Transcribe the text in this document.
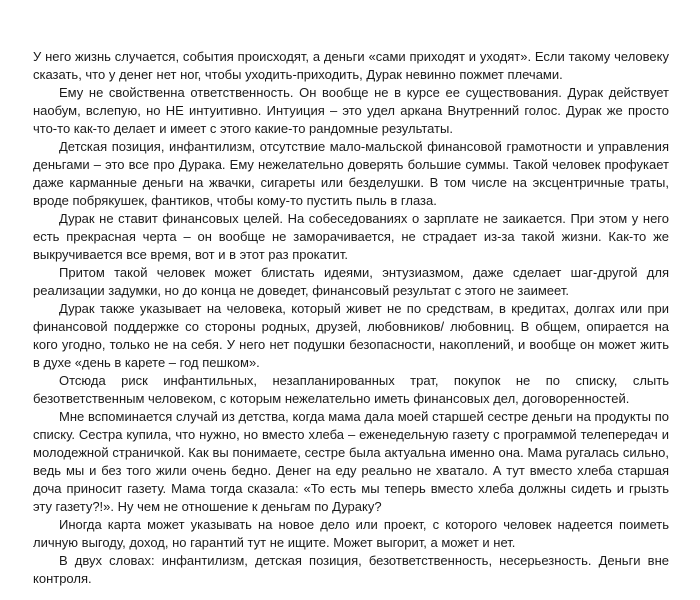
У него жизнь случается, события происходят, а деньги «сами приходят и уходят». Если такому человеку сказать, что у денег нет ног, чтобы уходить-приходить, Дурак невинно пожмет плечами.

Ему не свойственна ответственность. Он вообще не в курсе ее существования. Дурак действует наобум, вслепую, но НЕ интуитивно. Интуиция – это удел аркана Внутренний голос. Дурак же просто что-то как-то делает и имеет с этого какие-то рандомные результаты.

Детская позиция, инфантилизм, отсутствие мало-мальской финансовой грамотности и управления деньгами – это все про Дурака. Ему нежелательно доверять большие суммы. Такой человек профукает даже карманные деньги на жвачки, сигареты или безделушки. В том числе на эксцентричные траты, вроде побрякушек, фантиков, чтобы кому-то пустить пыль в глаза.

Дурак не ставит финансовых целей. На собеседованиях о зарплате не заикается. При этом у него есть прекрасная черта – он вообще не заморачивается, не страдает из-за такой жизни. Как-то же выкручивается все время, вот и в этот раз прокатит.

Притом такой человек может блистать идеями, энтузиазмом, даже сделает шаг-другой для реализации задумки, но до конца не доведет, финансовый результат с этого не заимеет.

Дурак также указывает на человека, который живет не по средствам, в кредитах, долгах или при финансовой поддержке со стороны родных, друзей, любовников/ любовниц. В общем, опирается на кого угодно, только не на себя. У него нет подушки безопасности, накоплений, и вообще он может жить в духе «день в карете – год пешком».

Отсюда риск инфантильных, незапланированных трат, покупок не по списку, слыть безответственным человеком, с которым нежелательно иметь финансовых дел, договоренностей.

Мне вспоминается случай из детства, когда мама дала моей старшей сестре деньги на продукты по списку. Сестра купила, что нужно, но вместо хлеба – еженедельную газету с программой телепередач и молодежной страничкой. Как вы понимаете, сестре была актуальна именно она. Мама ругалась сильно, ведь мы и без того жили очень бедно. Денег на еду реально не хватало. А тут вместо хлеба старшая доча приносит газету. Мама тогда сказала: «То есть мы теперь вместо хлеба должны сидеть и грызть эту газету?!». Ну чем не отношение к деньгам по Дураку?

Иногда карта может указывать на новое дело или проект, с которого человек надеется поиметь личную выгоду, доход, но гарантий тут не ищите. Может выгорит, а может и нет.

В двух словах: инфантилизм, детская позиция, безответственность, несерьезность. Деньги вне контроля.
